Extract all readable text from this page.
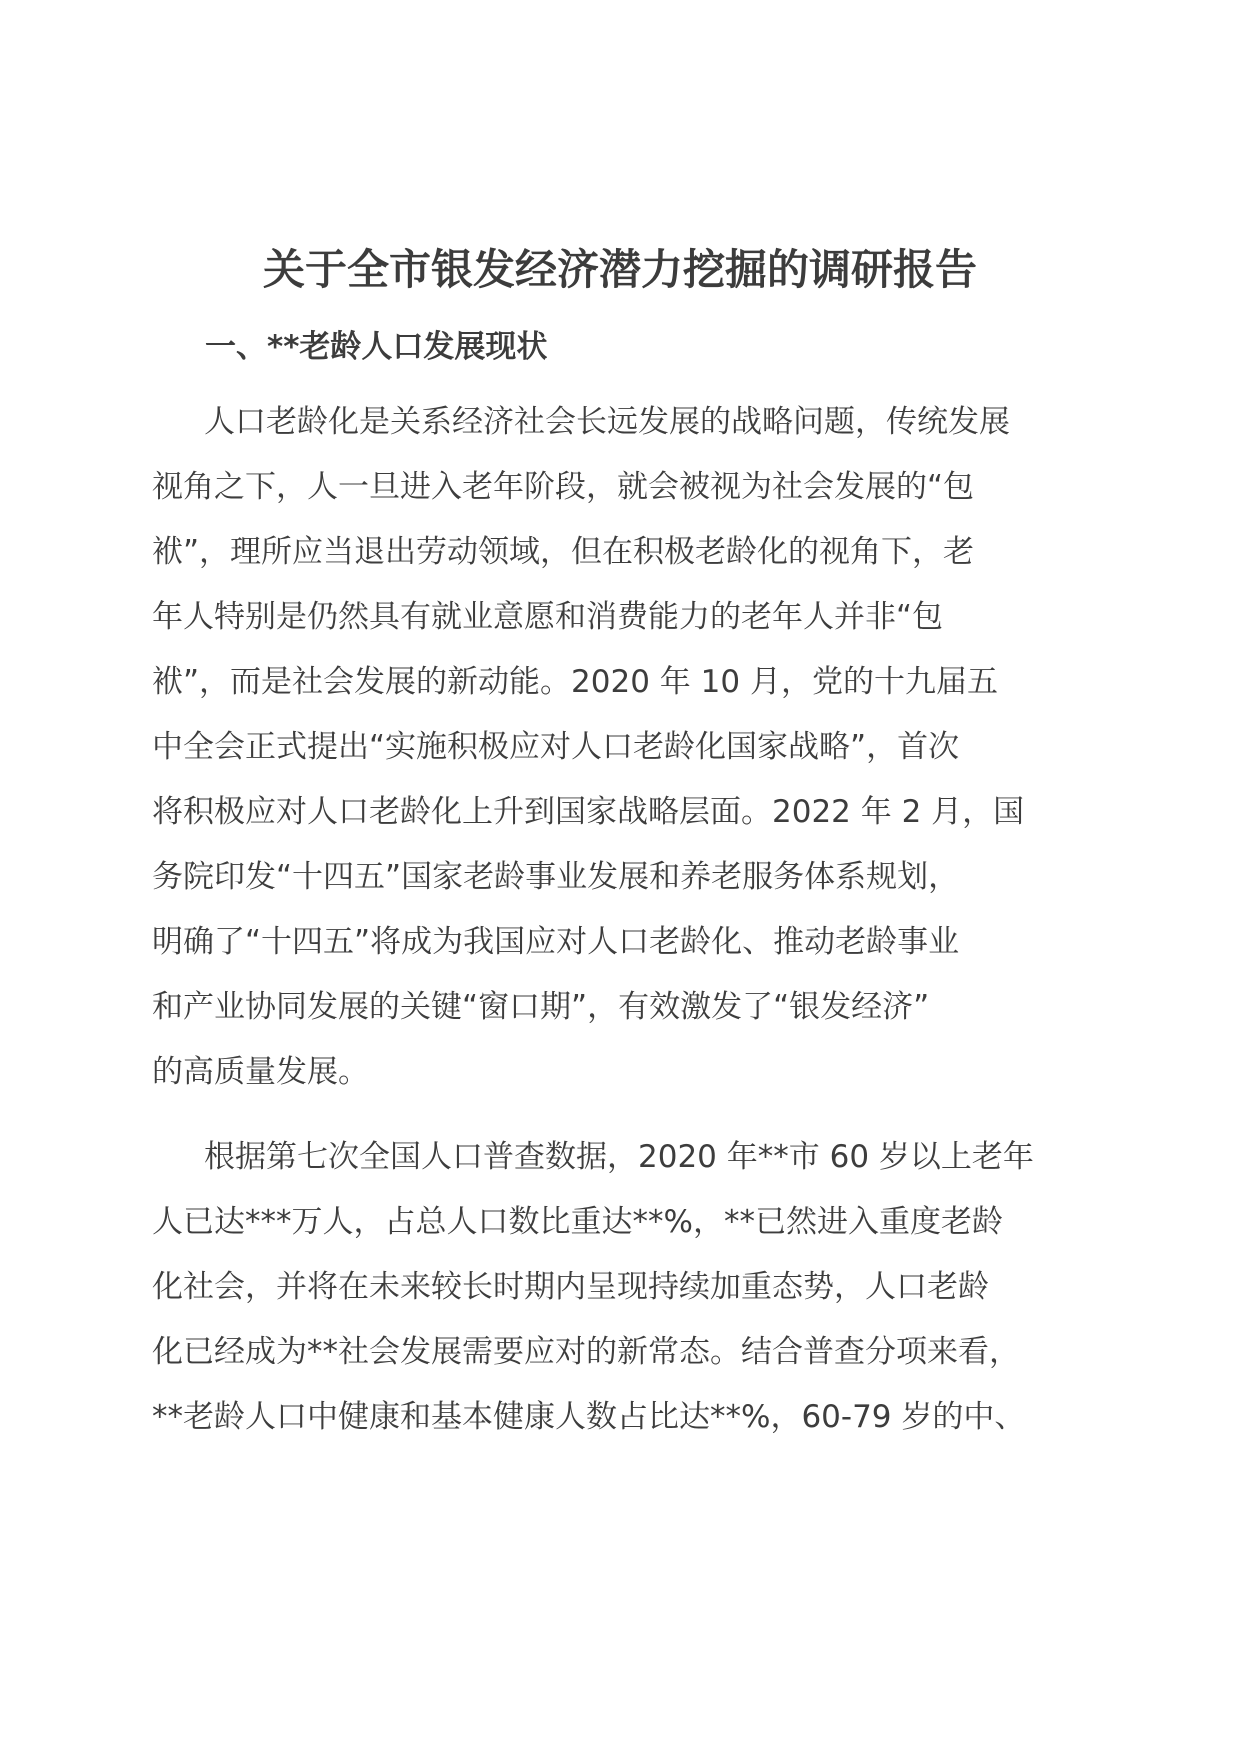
关于全市银发经济潜力挖掘的调研报告
一、**老龄人口发展现状

人口老龄化是关系经济社会长远发展的战略问题，传统发展
视角之下，人一旦进入老年阶段，就会被视为社会发展的“包
袱”，理所应当退出劳动领域，但在积极老龄化的视角下，老
年人特别是仍然具有就业意愿和消费能力的老年人并非“包
袱”，而是社会发展的新动能。2020 年 10 月，党的十九届五
中全会正式提出“实施积极应对人口老龄化国家战略”，首次
将积极应对人口老龄化上升到国家战略层面。2022 年 2 月，国
务院印发“十四五”国家老龄事业发展和养老服务体系规划，
明确了“十四五”将成为我国应对人口老龄化、推动老龄事业
和产业协同发展的关键“窗口期”，有效激发了“银发经济”
的高质量发展。

根据第七次全国人口普查数据，2020 年**市 60 岁以上老年
人已达***万人，占总人口数比重达**%，**已然进入重度老龄
化社会，并将在未来较长时期内呈现持续加重态势，人口老龄
化已经成为**社会发展需要应对的新常态。结合普查分项来看，
**老龄人口中健康和基本健康人数占比达**%，60-79 岁的中、
